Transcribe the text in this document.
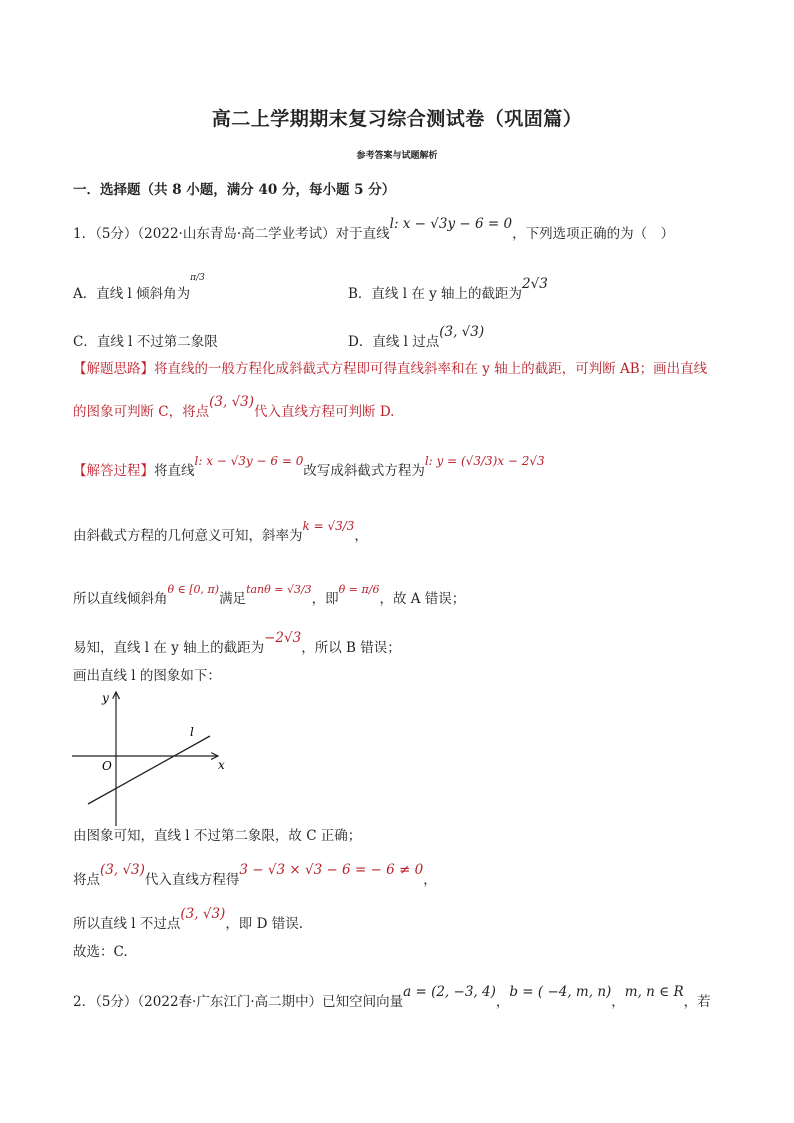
高二上学期期末复习综合测试卷（巩固篇）
参考答案与试题解析
一．选择题（共 8 小题，满分 40 分，每小题 5 分）
1．（5分）（2022·山东青岛·高二学业考试）对于直线l: x − √3y − 6 = 0，下列选项正确的为（　）
A．直线 l 倾斜角为$^{\pi/3}$
B．直线 l 在 y 轴上的截距为2√3
C．直线 l 不过第二象限	D．直线 l 过点(3, √3)
【解题思路】将直线的一般方程化成斜截式方程即可得直线斜率和在 y 轴上的截距，可判断 AB；画出直线
的图象可判断 C，将点(3, √3)代入直线方程可判断 D.
【解答过程】将直线l: x − √3y − 6 = 0改写成斜截式方程为l: y = (√3/3)x − 2√3
由斜截式方程的几何意义可知，斜率为k = √3/3，
所以直线倾斜角$^{\theta \in [0, \pi)}$满足$^{tan\theta = √3/3}$，即$^{\theta = \pi/6}$，故 A 错误；
易知，直线 l 在 y 轴上的截距为−2√3，所以 B 错误；
画出直线 l 的图象如下：
y
x
O
l
由图象可知，直线 l 不过第二象限，故 C 正确；
将点(3, √3)代入直线方程得3 − √3 × √3 − 6 = − 6 ≠ 0，
所以直线 l 不过点(3, √3)，即 D 错误.
故选：C.
2．（5分）（2022春·广东江门·高二期中）已知空间向量a = (2, −3, 4)，b = ( −4, m, n)，m, n ∈ R，若
